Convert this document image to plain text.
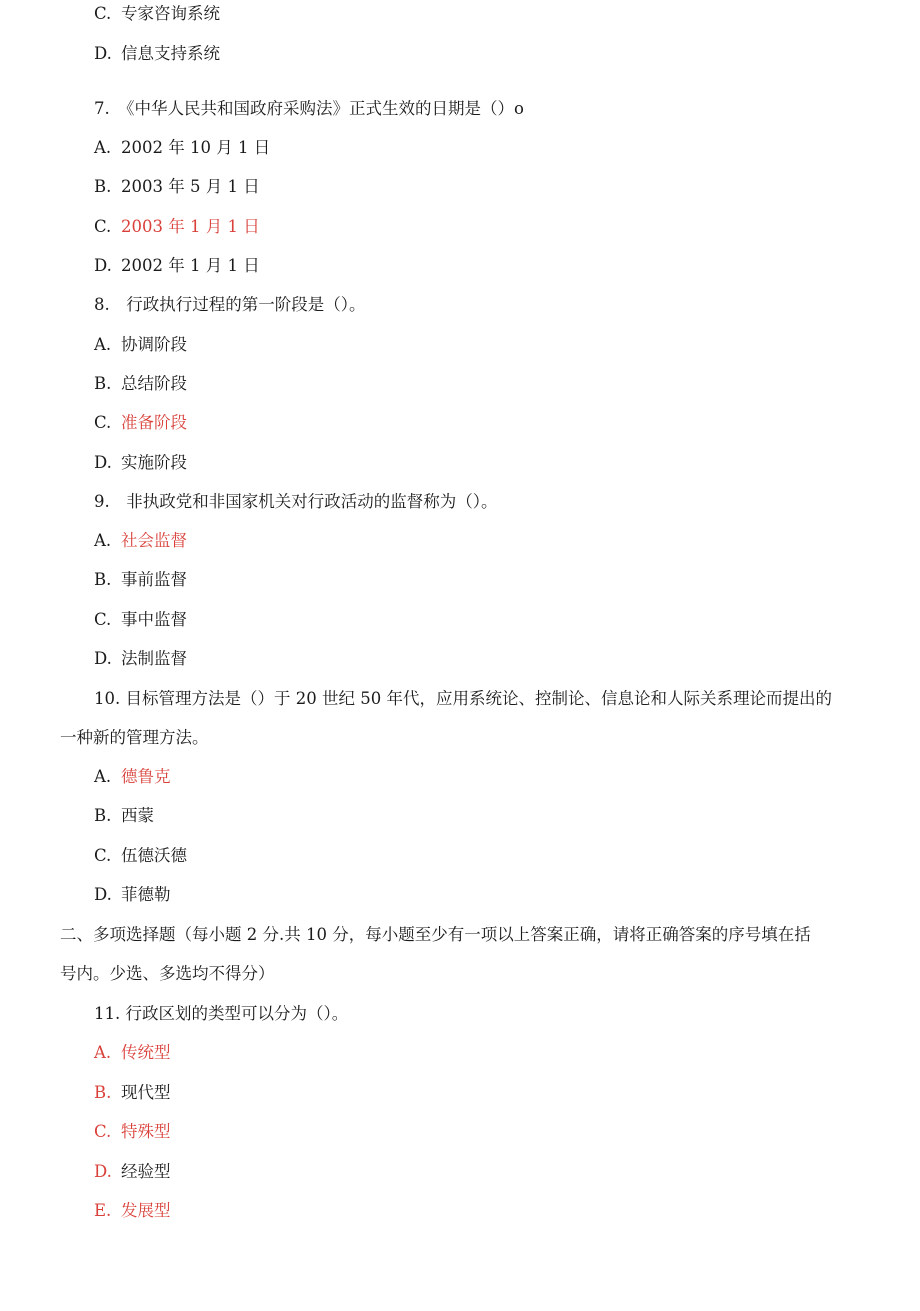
C. 专家咨询系统
D. 信息支持系统
7.　《中华人民共和国政府采购法》正式生效的日期是（）o
A. 2002 年 10 月 1 日
B. 2003 年 5 月 1 日
C. 2003 年 1 月 1 日
D. 2002 年 1 月 1 日
8.　行政执行过程的第一阶段是（）。
A. 协调阶段
B. 总结阶段
C. 准备阶段
D. 实施阶段
9.　非执政党和非国家机关对行政活动的监督称为（）。
A. 社会监督
B. 事前监督
C. 事中监督
D. 法制监督
10. 目标管理方法是（）于 20 世纪 50 年代，应用系统论、控制论、信息论和人际关系理论而提出的
一种新的管理方法。
A. 德鲁克
B. 西蒙
C. 伍德沃德
D. 菲德勒
二、多项选择题（每小题 2 分.共 10 分，每小题至少有一项以上答案正确，请将正确答案的序号填在括
号内。少选、多选均不得分）
11. 行政区划的类型可以分为（）。
A. 传统型
B. 现代型
C. 特殊型
D. 经验型
E. 发展型
